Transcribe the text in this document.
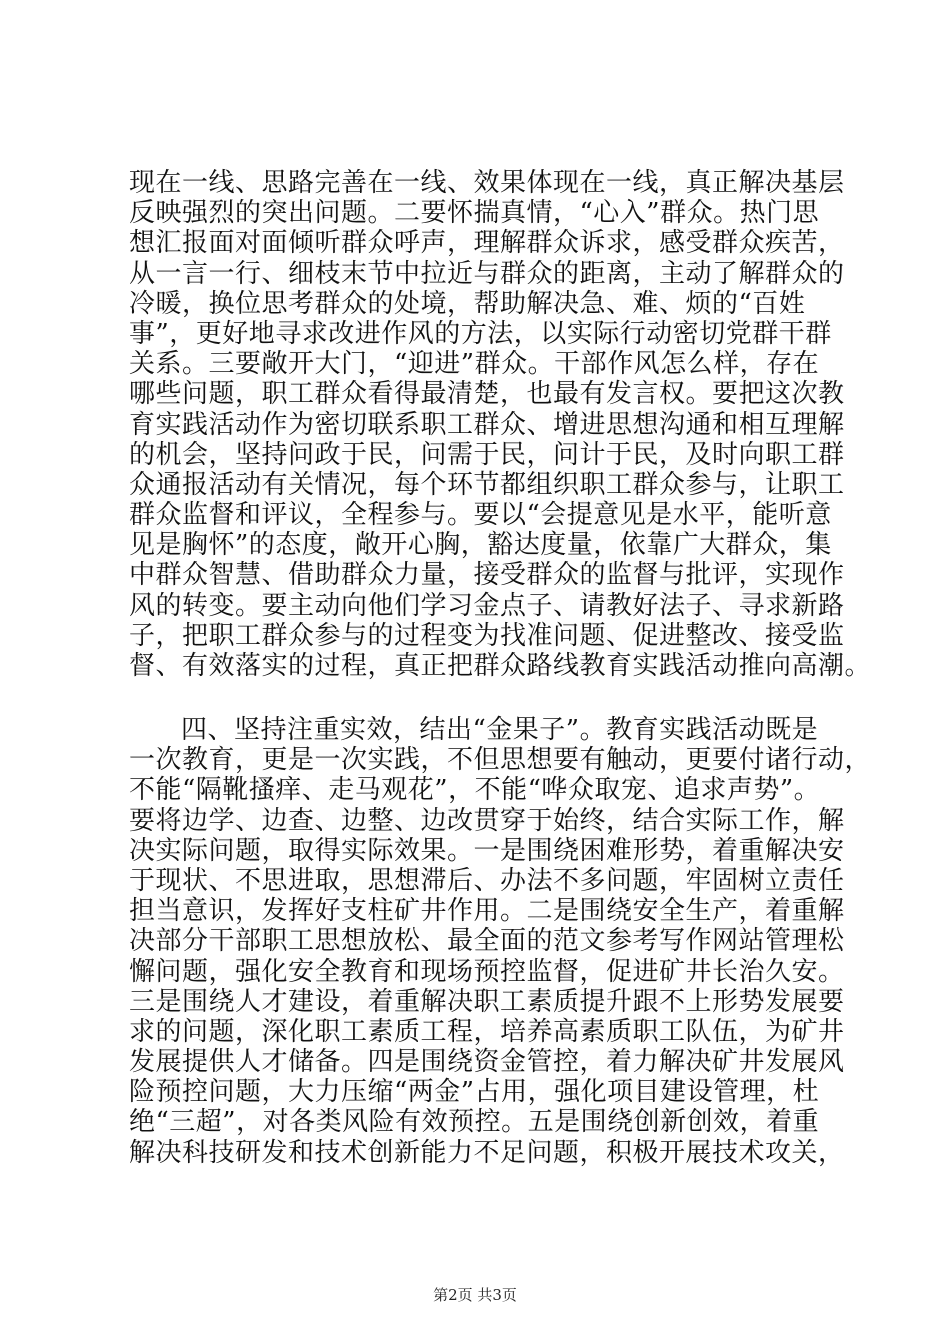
现在一线、思路完善在一线、效果体现在一线，真正解决基层
反映强烈的突出问题。二要怀揣真情，“心入”群众。热门思
想汇报面对面倾听群众呼声，理解群众诉求，感受群众疾苦，
从一言一行、细枝末节中拉近与群众的距离，主动了解群众的
冷暖，换位思考群众的处境，帮助解决急、难、烦的“百姓
事”，更好地寻求改进作风的方法，以实际行动密切党群干群
关系。三要敞开大门，“迎进”群众。干部作风怎么样，存在
哪些问题，职工群众看得最清楚，也最有发言权。要把这次教
育实践活动作为密切联系职工群众、增进思想沟通和相互理解
的机会，坚持问政于民，问需于民，问计于民，及时向职工群
众通报活动有关情况，每个环节都组织职工群众参与，让职工
群众监督和评议，全程参与。要以“会提意见是水平，能听意
见是胸怀”的态度，敞开心胸，豁达度量，依靠广大群众，集
中群众智慧、借助群众力量，接受群众的监督与批评，实现作
风的转变。要主动向他们学习金点子、请教好法子、寻求新路
子，把职工群众参与的过程变为找准问题、促进整改、接受监
督、有效落实的过程，真正把群众路线教育实践活动推向高潮。
四、坚持注重实效，结出“金果子”。教育实践活动既是
一次教育，更是一次实践，不但思想要有触动，更要付诸行动，
不能“隔靴搔痒、走马观花”，不能“哗众取宠、追求声势”。
要将边学、边查、边整、边改贯穿于始终，结合实际工作，解
决实际问题，取得实际效果。一是围绕困难形势，着重解决安
于现状、不思进取，思想滞后、办法不多问题，牢固树立责任
担当意识，发挥好支柱矿井作用。二是围绕安全生产，着重解
决部分干部职工思想放松、最全面的范文参考写作网站管理松
懈问题，强化安全教育和现场预控监督，促进矿井长治久安。
三是围绕人才建设，着重解决职工素质提升跟不上形势发展要
求的问题，深化职工素质工程，培养高素质职工队伍，为矿井
发展提供人才储备。四是围绕资金管控，着力解决矿井发展风
险预控问题，大力压缩“两金”占用，强化项目建设管理，杜
绝“三超”，对各类风险有效预控。五是围绕创新创效，着重
解决科技研发和技术创新能力不足问题，积极开展技术攻关，
第2页 共3页
